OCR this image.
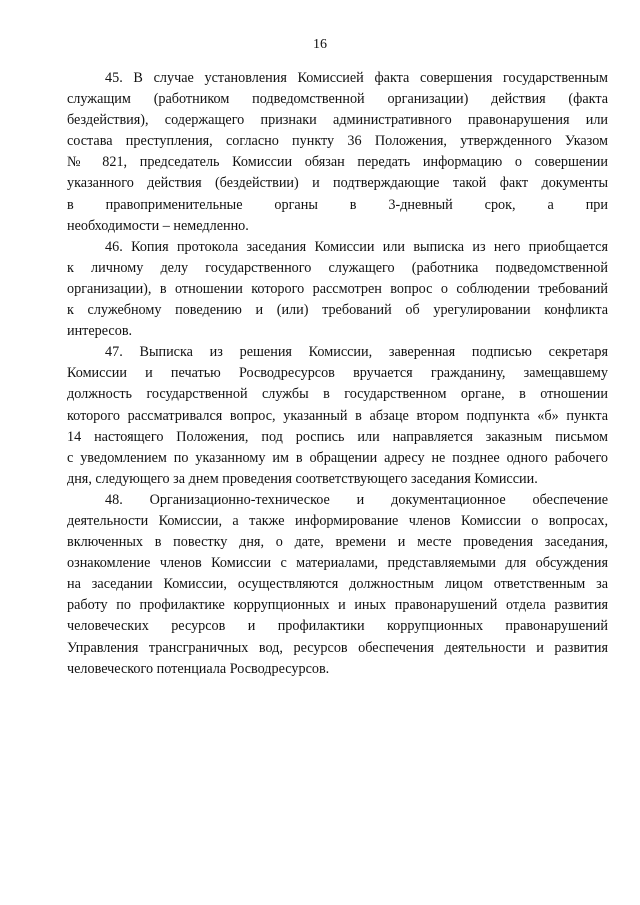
16
45. В случае установления Комиссией факта совершения государственным
служащим (работником подведомственной организации) действия (факта
бездействия), содержащего признаки административного правонарушения или
состава преступления, согласно пункту 36 Положения, утвержденного Указом
№ 821, председатель Комиссии обязан передать информацию о совершении
указанного действия (бездействии) и подтверждающие такой факт документы
в правоприменительные органы в 3-дневный срок, а при
необходимости – немедленно.
46. Копия протокола заседания Комиссии или выписка из него приобщается
к личному делу государственного служащего (работника подведомственной
организации), в отношении которого рассмотрен вопрос о соблюдении требований
к служебному поведению и (или) требований об урегулировании конфликта
интересов.
47. Выписка из решения Комиссии, заверенная подписью секретаря
Комиссии и печатью Росводресурсов вручается гражданину, замещавшему
должность государственной службы в государственном органе, в отношении
которого рассматривался вопрос, указанный в абзаце втором подпункта «б» пункта
14 настоящего Положения, под роспись или направляется заказным письмом
с уведомлением по указанному им в обращении адресу не позднее одного рабочего
дня, следующего за днем проведения соответствующего заседания Комиссии.
48. Организационно-техническое и документационное обеспечение
деятельности Комиссии, а также информирование членов Комиссии о вопросах,
включенных в повестку дня, о дате, времени и месте проведения заседания,
ознакомление членов Комиссии с материалами, представляемыми для обсуждения
на заседании Комиссии, осуществляются должностным лицом ответственным за
работу по профилактике коррупционных и иных правонарушений отдела развития
человеческих ресурсов и профилактики коррупционных правонарушений
Управления трансграничных вод, ресурсов обеспечения деятельности и развития
человеческого потенциала Росводресурсов.
